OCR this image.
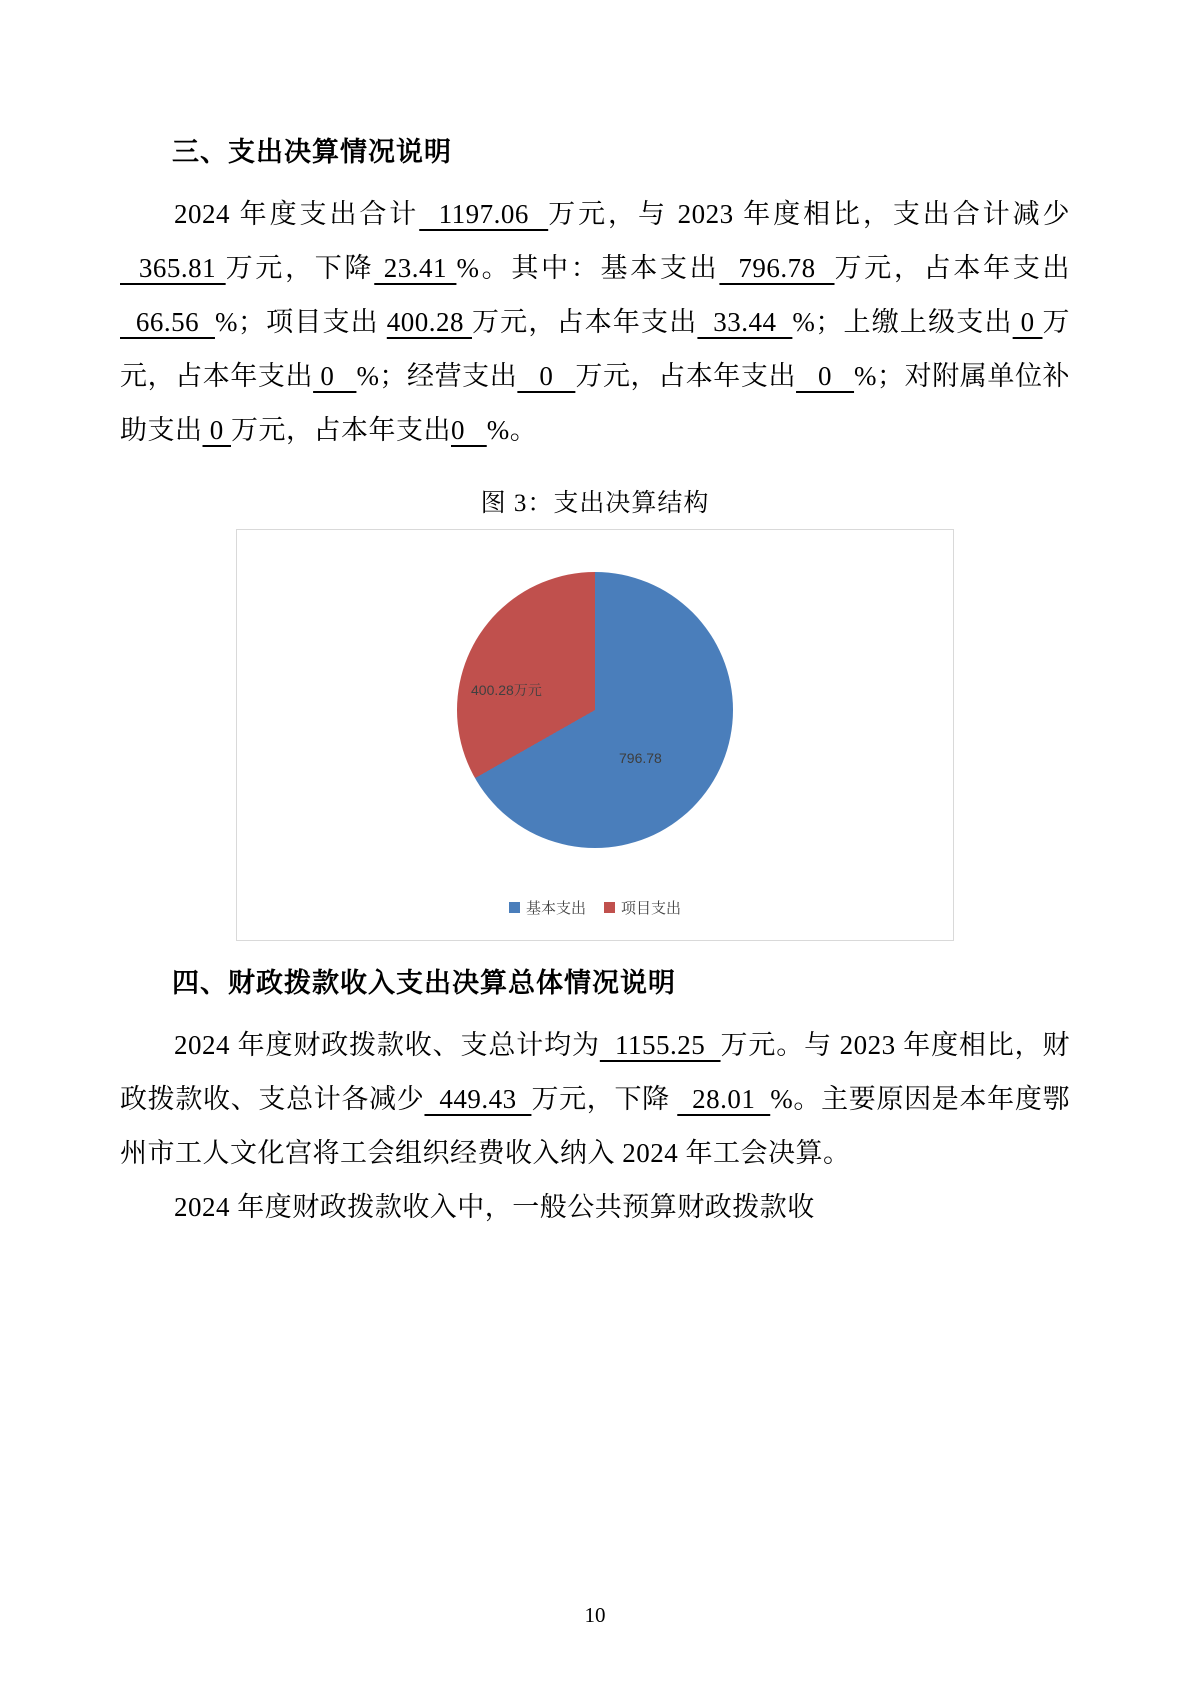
三、支出决算情况说明

2024 年度支出合计  1197.06  万元，与 2023 年度相比，支出合计减少  365.81 万元，下降 23.41 %。其中：基本支出  796.78  万元，占本年支出  66.56  %；项目支出 400.28 万元，占本年支出  33.44  %；上缴上级支出 0 万元，占本年支出 0   %；经营支出   0   万元，占本年支出   0   %；对附属单位补助支出 0 万元，占本年支出0   %。

图 3：支出决算结构
400.28万元
796.78
基本支出 项目支出
四、财政拨款收入支出决算总体情况说明

2024 年度财政拨款收、支总计均为  1155.25  万元。与 2023 年度相比，财政拨款收、支总计各减少  449.43  万元，下降   28.01  %。主要原因是本年度鄂州市工人文化宫将工会组织经费收入纳入 2024 年工会决算。

2024 年度财政拨款收入中，一般公共预算财政拨款收

10
